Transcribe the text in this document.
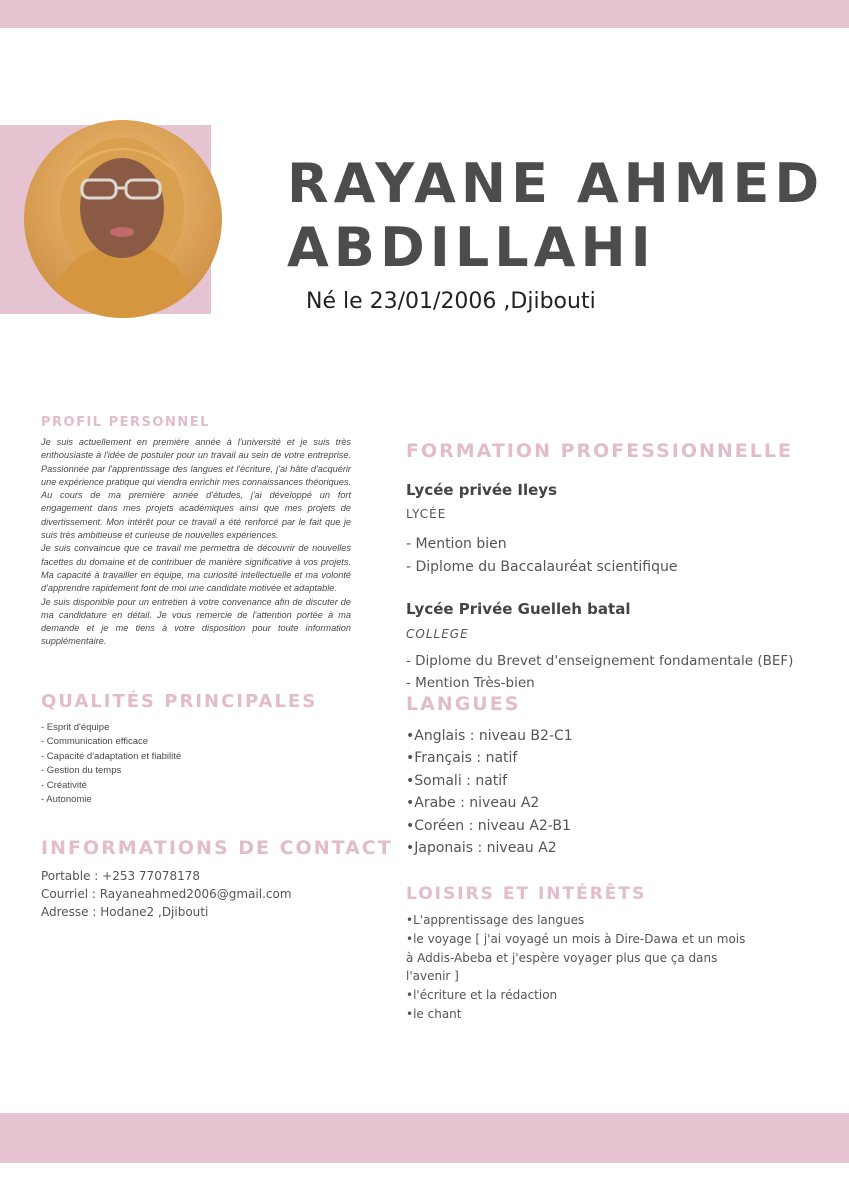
RAYANE AHMED
ABDILLAHI
Né le 23/01/2006 ,Djibouti
PROFIL PERSONNEL

Je suis actuellement en première année à l'université et je suis très enthousiaste à l'idée de postuler pour un travail au sein de votre entreprise. Passionnée par l'apprentissage des langues et l'écriture, j'ai hâte d'acquérir une expérience pratique qui viendra enrichir mes connaissances théoriques.

Au cours de ma première année d'études, j'ai développé un fort engagement dans mes projets académiques ainsi que mes projets de divertissement. Mon intérêt pour ce travail a été renforcé par le fait que je suis très ambitieuse et curieuse de nouvelles expériences.

Je suis convaincue que ce travail me permettra de découvrir de nouvelles facettes du domaine et de contribuer de manière significative à vos projets. Ma capacité à travailler en équipe, ma curiosité intellectuelle et ma volonté d'apprendre rapidement font de moi une candidate motivée et adaptable.

Je suis disponible pour un entretien à votre convenance afin de discuter de ma candidature en détail. Je vous remercie de l'attention portée à ma demande et je me tiens à votre disposition pour toute information supplémentaire.

QUALITÉS PRINCIPALES
- Esprit d'équipe
- Communication efficace
- Capacité d'adaptation et fiabilité
- Gestion du temps
- Créativité
- Autonomie
INFORMATIONS DE CONTACT
Portable : +253 77078178
Courriel : Rayaneahmed2006@gmail.com
Adresse : Hodane2 ,Djibouti
FORMATION PROFESSIONNELLE
Lycée privée Ileys
LYCÉE
- Mention bien
- Diplome du Baccalauréat scientifique
Lycée Privée Guelleh batal
COLLEGE
- Diplome du Brevet d'enseignement fondamentale (BEF)
- Mention Très-bien
LANGUES
•Anglais : niveau B2-C1
•Français : natif
•Somali : natif
•Arabe : niveau A2
•Coréen : niveau A2-B1
•Japonais : niveau A2
LOISIRS ET INTÉRÊTS
•L'apprentissage des langues
•le voyage [ j'ai voyagé un mois à Dire-Dawa et un mois à Addis-Abeba et j'espère voyager plus que ça dans l'avenir ]
•l'écriture et la rédaction
•le chant
